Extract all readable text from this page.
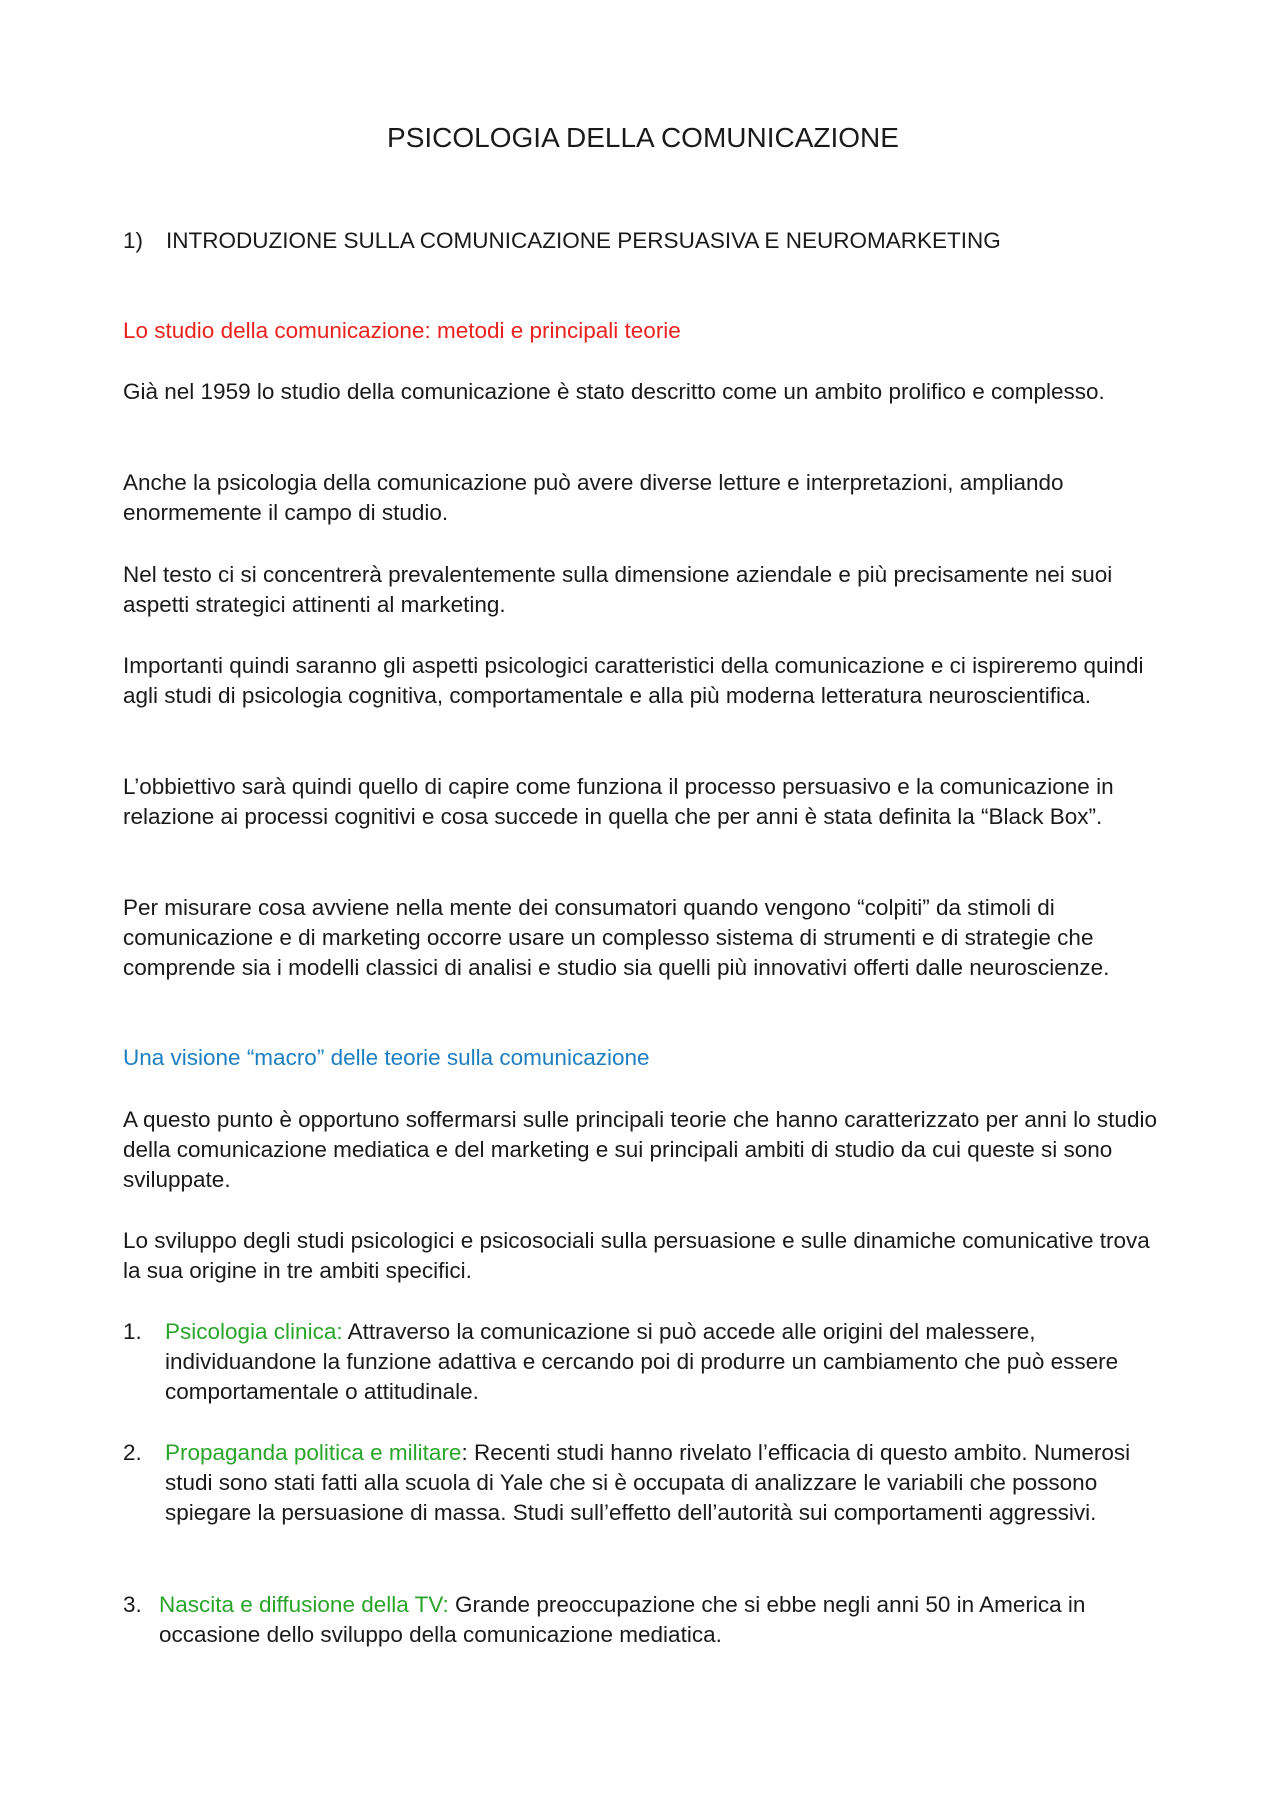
PSICOLOGIA DELLA COMUNICAZIONE
1) INTRODUZIONE SULLA COMUNICAZIONE PERSUASIVA E NEUROMARKETING
Lo studio della comunicazione: metodi e principali teorie

Già nel 1959 lo studio della comunicazione è stato descritto come un ambito prolifico e complesso.

Anche la psicologia della comunicazione può avere diverse letture e interpretazioni, ampliando enormemente il campo di studio.

Nel testo ci si concentrerà prevalentemente sulla dimensione aziendale e più precisamente nei suoi aspetti strategici attinenti al marketing.

Importanti quindi saranno gli aspetti psicologici caratteristici della comunicazione e ci ispireremo quindi agli studi di psicologia cognitiva, comportamentale e alla più moderna letteratura neuroscientifica.

L’obbiettivo sarà quindi quello di capire come funziona il processo persuasivo e la comunicazione in relazione ai processi cognitivi e cosa succede in quella che per anni è stata definita la “Black Box”.

Per misurare cosa avviene nella mente dei consumatori quando vengono “colpiti” da stimoli di comunicazione e di marketing occorre usare un complesso sistema di strumenti e di strategie che comprende sia i modelli classici di analisi e studio sia quelli più innovativi offerti dalle neuroscienze.

Una visione “macro” delle teorie sulla comunicazione

A questo punto è opportuno soffermarsi sulle principali teorie che hanno caratterizzato per anni lo studio della comunicazione mediatica e del marketing e sui principali ambiti di studio da cui queste si sono sviluppate.

Lo sviluppo degli studi psicologici e psicosociali sulla persuasione e sulle dinamiche comunicative trova la sua origine in tre ambiti specifici.

1.	Psicologia clinica: Attraverso la comunicazione si può accede alle origini del malessere, individuandone la funzione adattiva e cercando poi di produrre un cambiamento che può essere comportamentale o attitudinale.
2.	Propaganda politica e militare: Recenti studi hanno rivelato l’efficacia di questo ambito. Numerosi studi sono stati fatti alla scuola di Yale che si è occupata di analizzare le variabili che possono spiegare la persuasione di massa. Studi sull’effetto dell’autorità sui comportamenti aggressivi.
3. Nascita e diffusione della TV: Grande preoccupazione che si ebbe negli anni 50 in America in occasione dello sviluppo della comunicazione mediatica.
